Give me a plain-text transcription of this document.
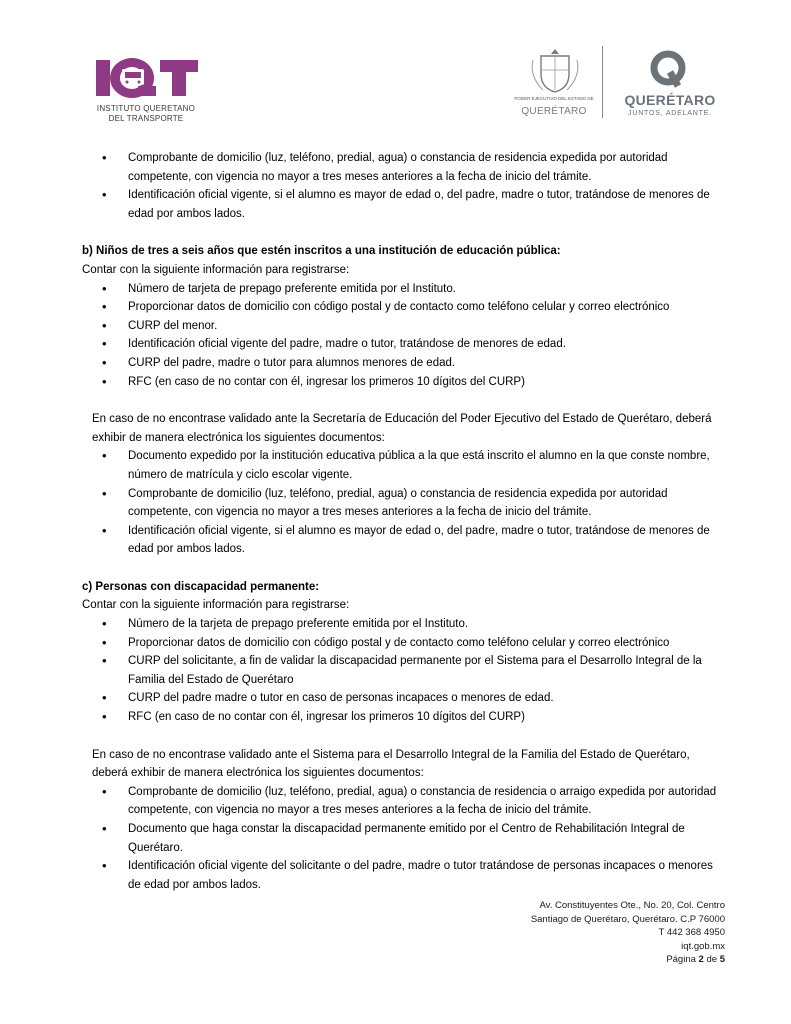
INSTITUTO QUERETANO
DEL TRANSPORTE
PODER EJECUTIVO DEL ESTADO DE
QUERÉTARO
QUERÉTARO
JUNTOS, ADELANTE.
• Comprobante de domicilio (luz, teléfono, predial, agua) o constancia de residencia expedida por autoridad competente, con vigencia no mayor a tres meses anteriores a la fecha de inicio del trámite.
• Identificación oficial vigente, si el alumno es mayor de edad o, del padre, madre o tutor, tratándose de menores de edad por ambos lados.
b) Niños de tres a seis años que estén inscritos a una institución de educación pública:
Contar con la siguiente información para registrarse:
• Número de tarjeta de prepago preferente emitida por el Instituto.
• Proporcionar datos de domicilio con código postal y de contacto como teléfono celular y correo electrónico
• CURP del menor.
• Identificación oficial vigente del padre, madre o tutor, tratándose de menores de edad.
• CURP del padre, madre o tutor para alumnos menores de edad.
• RFC (en caso de no contar con él, ingresar los primeros 10 dígitos del CURP)
En caso de no encontrase validado ante la Secretaría de Educación del Poder Ejecutivo del Estado de Querétaro, deberá exhibir de manera electrónica los siguientes documentos:
• Documento expedido por la institución educativa pública a la que está inscrito el alumno en la que conste nombre, número de matrícula y ciclo escolar vigente.
• Comprobante de domicilio (luz, teléfono, predial, agua) o constancia de residencia expedida por autoridad competente, con vigencia no mayor a tres meses anteriores a la fecha de inicio del trámite.
• Identificación oficial vigente, si el alumno es mayor de edad o, del padre, madre o tutor, tratándose de menores de edad por ambos lados.
c) Personas con discapacidad permanente:
Contar con la siguiente información para registrarse:
• Número de la tarjeta de prepago preferente emitida por el Instituto.
• Proporcionar datos de domicilio con código postal y de contacto como teléfono celular y correo electrónico
• CURP del solicitante, a fin de validar la discapacidad permanente por el Sistema para el Desarrollo Integral de la Familia del Estado de Querétaro
• CURP del padre madre o tutor en caso de personas incapaces o menores de edad.
• RFC (en caso de no contar con él, ingresar los primeros 10 dígitos del CURP)
En caso de no encontrase validado ante el Sistema para el Desarrollo Integral de la Familia del Estado de Querétaro, deberá exhibir de manera electrónica los siguientes documentos:
• Comprobante de domicilio (luz, teléfono, predial, agua) o constancia de residencia o arraigo expedida por autoridad competente, con vigencia no mayor a tres meses anteriores a la fecha de inicio del trámite.
• Documento que haga constar la discapacidad permanente emitido por el Centro de Rehabilitación Integral de Querétaro.
• Identificación oficial vigente del solicitante o del padre, madre o tutor tratándose de personas incapaces o menores de edad por ambos lados.
Av. Constituyentes Ote., No. 20, Col. Centro
Santiago de Querétaro, Querétaro. C.P 76000
T 442 368 4950
iqt.gob.mx
Página 2 de 5
